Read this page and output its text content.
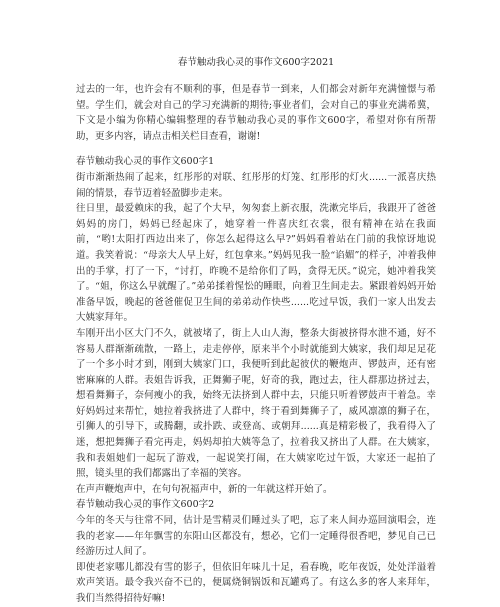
春节触动我心灵的事作文600字2021

过去的一年，也许会有不顺利的事，但是春节一到来，人们都会对新年充满憧憬与希望。学生们，就会对自己的学习充满新的期待;事业者们，会对自己的事业充满希冀，下文是小编为你精心编辑整理的春节触动我心灵的事作文600字，希望对你有所帮助，更多内容，请点击相关栏目查看，谢谢!

春节触动我心灵的事作文600字1

街市渐渐热闹了起来，红彤彤的对联、红彤彤的灯笼、红彤彤的灯火......一派喜庆热闹的情景，春节迈着轻盈脚步走来。

往日里，最爱赖床的我，起了个大早，匆匆套上新衣服，洗漱完毕后，我跟开了爸爸妈妈的房门，妈妈已经起床了，她穿着一件喜庆红衣裳，很有精神在站在我面前，“哟!太阳打西边出来了，你怎么起得这么早?”妈妈看着站在门前的我惊讶地说道。我笑着说：“母亲大人早上好，红包拿来。”妈妈见我一脸“谄媚”的样子，冲着我伸出的手掌，打了一下，“讨打，昨晚不是给你们了吗，贪得无厌。”说完，她冲着我笑了。“姐，你这么早就醒了。”弟弟揉着惺忪的睡眼，向着卫生间走去。紧跟着妈妈开始准备早饭，晚起的爸爸催促卫生间的弟弟动作快些......吃过早饭，我们一家人出发去大姨家拜年。

车刚开出小区大门不久，就被堵了，街上人山人海，整条大街被挤得水泄不通，好不容易人群渐渐疏散，一路上，走走停停，原来半个小时就能到大姨家，我们却足足花了一个多小时才到，刚到大姨家门口，我便听到此起彼伏的鞭炮声、锣鼓声，还有密密麻麻的人群。表姐告诉我，正舞狮子呢，好奇的我，跑过去，往人群那边挤过去，想看舞狮子，奈何瘦小的我，始终无法挤到人群中去，只能只听着锣鼓声干着急。幸好妈妈过来帮忙，她拉着我挤进了人群中，终于看到舞狮子了，威风凛凛的狮子在，引狮人的引导下，或腾翻，或扑跌、或登高、或朝拜......真是精彩极了，我看得入了迷，想把舞狮子看完再走，妈妈却拍大姨等急了，拉着我又挤出了人群。在大姨家，我和表姐她们一起玩了游戏，一起说笑打闹，在大姨家吃过午饭，大家还一起拍了照，镜头里的我们都露出了幸福的笑容。

在声声鞭炮声中，在句句祝福声中，新的一年就这样开始了。

春节触动我心灵的事作文600字2

今年的冬天与往常不同，估计是雪精灵们睡过头了吧，忘了来人间办巡回演唱会，连我的老家——年年飘雪的东阳山区都没有，想必，它们一定睡得很香吧，梦见自己已经游历过人间了。

即使老家哪儿都没有雪的影子，但依旧年味儿十足，看春晚，吃年夜饭，处处洋溢着欢声笑语。最令我兴奋不已的，便属烧铜锅饭和瓦罐鸡了。有这么多的客人来拜年，我们当然得招待好嘛!
